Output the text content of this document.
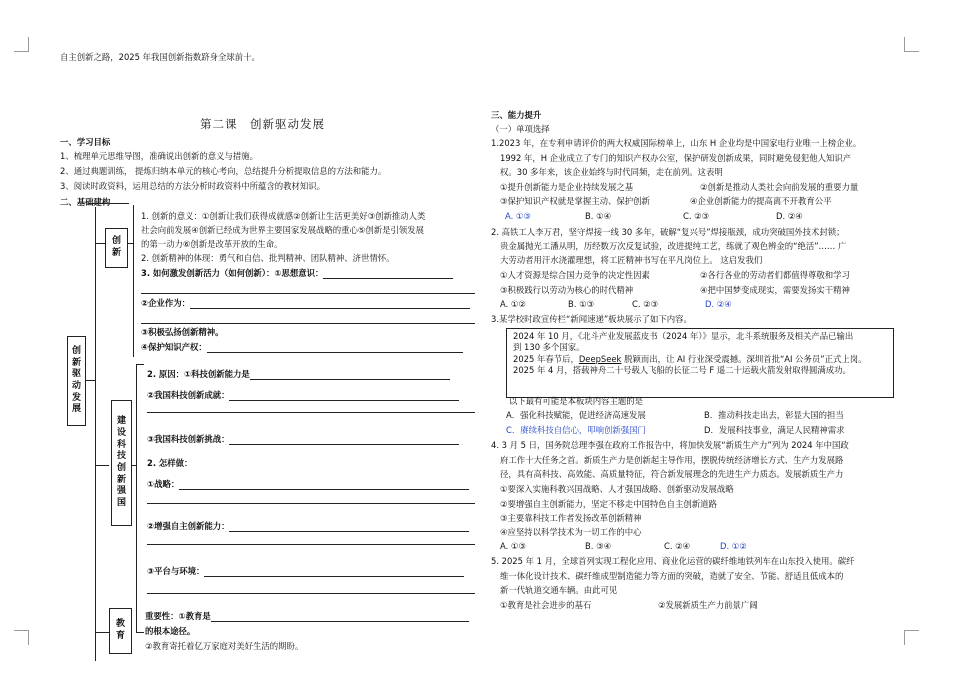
自主创新之路，2025 年我国创新指数跻身全球前十。
第二课　创新驱动发展
一、学习目标
1、梳理单元思维导图，准确说出创新的意义与措施。
2、通过典题训练， 提炼归纳本单元的核心考向，总结提升分析提取信息的方法和能力。
3、阅读时政资料，运用总结的方法分析时政资料中所蕴含的教材知识。
二、基础建构
创
新
驱
动
发
展
创
新
1. 创新的意义：①创新让我们获得成就感②创新让生活更美好③创新推动人类
社会向前发展④创新已经成为世界主要国家发展战略的重心⑤创新是引领发展
的第一动力⑥创新是改革开放的生命。
2. 创新精神的体现：勇气和自信、批判精神、团队精神、济世情怀。
3. 如何激发创新活力（如何创新）：①思想意识：
②企业作为：
③积极弘扬创新精神。
④保护知识产权：
建
设
科
技
创
新
强
国
2. 原因：①科技创新能力是
②我国科技创新成就：
③我国科技创新挑战：
2. 怎样做：
①战略：
②增强自主创新能力：
③平台与环境：
教
育
重要性：①教育是
的根本途径。
②教育寄托着亿万家庭对美好生活的期盼。
三、能力提升
（一）单项选择
1.2023 年，在专利申请评价的两大权威国际榜单上，山东 H 企业均是中国家电行业唯一上榜企业。
1992 年，H 企业成立了专门的知识产权办公室，保护研发创新成果，同时避免侵犯他人知识产
权。30 多年来，该企业始终与时代同频，走在前列。这表明
①提升创新能力是企业持续发展之基	②创新是推动人类社会向前发展的重要力量
③保护知识产权就是掌握主动、保护创新	④企业创新能力的提高离不开教育公平
A. ①③	B. ①④	C. ②③	D. ②④
2. 高铁工人李万君，坚守焊接一线 30 多年，破解“复兴号”焊接瓶颈，成功突破国外技术封锁；
贵金属抛光工潘从明，历经数万次反复试验，改进提纯工艺，练就了观色辨金的“绝活”…… 广
大劳动者用汗水浇灌理想，将工匠精神书写在平凡岗位上。 这启发我们
①人才资源是综合国力竞争的决定性因素	②各行各业的劳动者们都值得尊敬和学习
③积极践行以劳动为核心的时代精神	④把中国梦变成现实，需要发扬实干精神
A. ①②	B. ①③	C. ②③	D. ②④
3.某学校时政宣传栏“新闻速递”板块展示了如下内容。
2024 年 10 月，《北斗产业发展蓝皮书（2024 年）》显示，北斗系统服务及相关产品已输出
到 130 多个国家。
2025 年春节后，DeepSeek 脱颖而出，让 AI 行业深受震撼。深圳首批“AI 公务员”正式上岗。
2025 年 4 月，搭载神舟二十号载人飞船的长征二号 F 遥二十运载火箭发射取得圆满成功。
以下最有可能是本板块内容主题的是
A．强化科技赋能，促进经济高速发展	B．推动科技走出去，彰显大国的担当
C．赓续科技自信心，叩响创新强国门	D．发展科技事业，满足人民精神需求
4. 3 月 5 日，国务院总理李强在政府工作报告中，将加快发展“新质生产力”列为 2024 年中国政
府工作十大任务之首。新质生产力是创新起主导作用，摆脱传统经济增长方式、生产力发展路
径，具有高科技、高效能、高质量特征，符合新发展理念的先进生产力质态。发展新质生产力
①要深入实施科教兴国战略、人才强国战略、创新驱动发展战略
②要增强自主创新能力，坚定不移走中国特色自主创新道路
③主要靠科技工作者发扬改革创新精神
④应坚持以科学技术为一切工作的中心
A. ①③	B. ③④	C. ②④	D. ①②
5. 2025 年 1 月，全球首列实现工程化应用、商业化运营的碳纤维地铁列车在山东投入使用。碳纤
维一体化设计技术、碳纤维成型制造能力等方面的突破，造就了安全、节能、舒适且低成本的
新一代轨道交通车辆。由此可见
①教育是社会进步的基石	②发展新质生产力前景广阔
